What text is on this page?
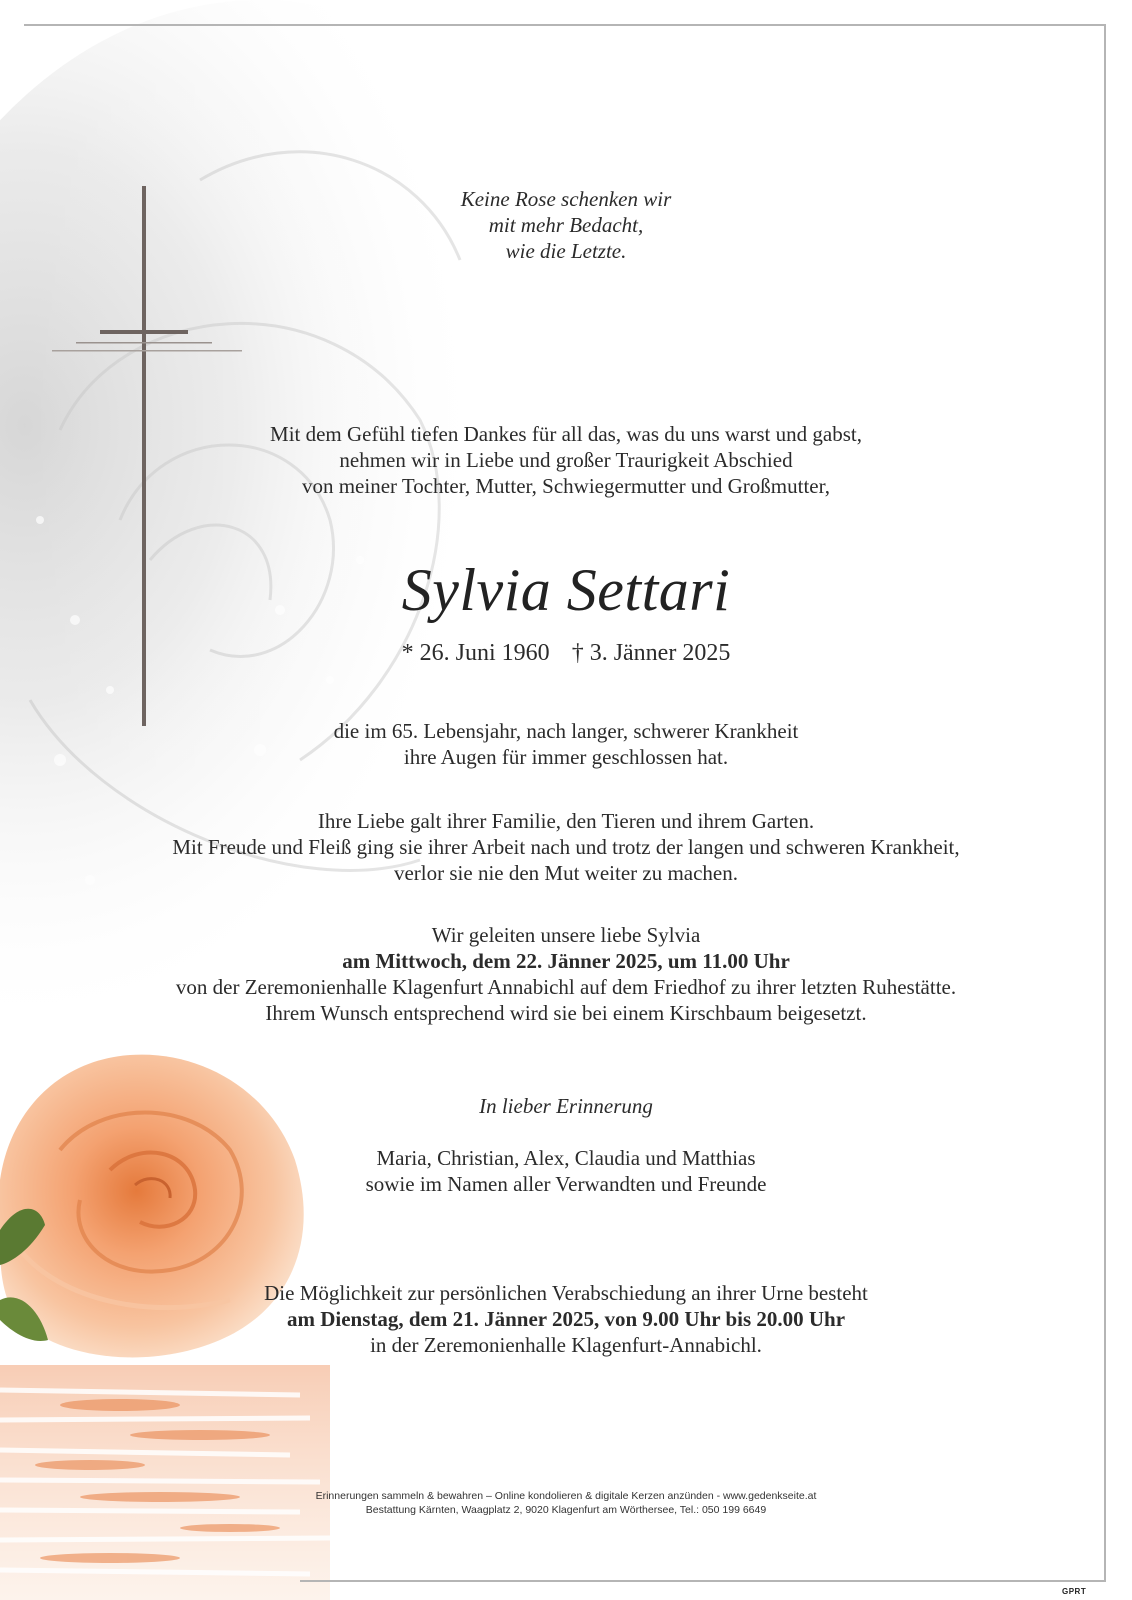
Keine Rose schenken wir
mit mehr Bedacht,
wie die Letzte.
Mit dem Gefühl tiefen Dankes für all das, was du uns warst und gabst,
nehmen wir in Liebe und großer Traurigkeit Abschied
von meiner Tochter, Mutter, Schwiegermutter und Großmutter,
Sylvia Settari
* 26. Juni 1960 † 3. Jänner 2025
die im 65. Lebensjahr, nach langer, schwerer Krankheit
ihre Augen für immer geschlossen hat.
Ihre Liebe galt ihrer Familie, den Tieren und ihrem Garten.
Mit Freude und Fleiß ging sie ihrer Arbeit nach und trotz der langen und schweren Krankheit,
verlor sie nie den Mut weiter zu machen.
Wir geleiten unsere liebe Sylvia
am Mittwoch, dem 22. Jänner 2025, um 11.00 Uhr
von der Zeremonienhalle Klagenfurt Annabichl auf dem Friedhof zu ihrer letzten Ruhestätte.
Ihrem Wunsch entsprechend wird sie bei einem Kirschbaum beigesetzt.
In lieber Erinnerung
Maria, Christian, Alex, Claudia und Matthias
sowie im Namen aller Verwandten und Freunde
Die Möglichkeit zur persönlichen Verabschiedung an ihrer Urne besteht
am Dienstag, dem 21. Jänner 2025, von 9.00 Uhr bis 20.00 Uhr
in der Zeremonienhalle Klagenfurt-Annabichl.
Erinnerungen sammeln & bewahren – Online kondolieren & digitale Kerzen anzünden - www.gedenkseite.at
Bestattung Kärnten, Waagplatz 2, 9020 Klagenfurt am Wörthersee, Tel.: 050 199 6649
GPRT
